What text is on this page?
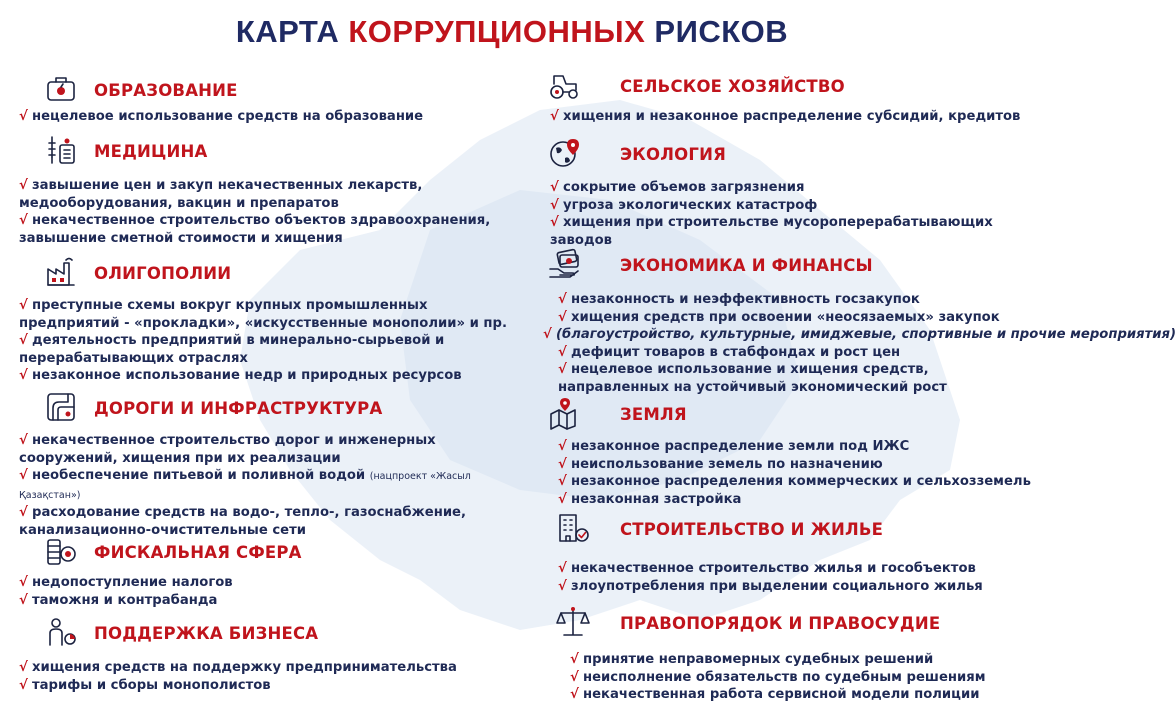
КАРТА КОРРУПЦИОННЫХ РИСКОВ
ОБРАЗОВАНИЕ
√ нецелевое использование средств на образование
МЕДИЦИНА
√ завышение цен и закуп некачественных лекарств,
медооборудования, вакцин и препаратов
√ некачественное строительство объектов здравоохранения,
завышение сметной стоимости и хищения
ОЛИГОПОЛИИ
√ преступные схемы вокруг крупных промышленных
предприятий - «прокладки», «искусственные монополии» и пр.
√ деятельность предприятий в минерально-сырьевой и
перерабатывающих отраслях
√ незаконное использование недр и природных ресурсов
ДОРОГИ И ИНФРАСТРУКТУРА
√ некачественное строительство дорог и инженерных
сооружений, хищения при их реализации
√ необеспечение питьевой и поливной водой (нацпроект «Жасыл
Қазақстан»)
√ расходование средств на водо-, тепло-, газоснабжение,
канализационно-очистительные сети
ФИСКАЛЬНАЯ СФЕРА
√ недопоступление налогов
√ таможня и контрабанда
ПОДДЕРЖКА БИЗНЕСА
√ хищения средств на поддержку предпринимательства
√ тарифы и сборы монополистов
СЕЛЬСКОЕ ХОЗЯЙСТВО
√ хищения и незаконное распределение субсидий, кредитов
ЭКОЛОГИЯ
√ сокрытие объемов загрязнения
√ угроза экологических катастроф
√ хищения при строительстве мусороперерабатывающих
заводов
ЭКОНОМИКА И ФИНАНСЫ
√ незаконность и неэффективность госзакупок
√ хищения средств при освоении «неосязаемых» закупок
√ (благоустройство, культурные, имиджевые, спортивные и прочие мероприятия)
√ дефицит товаров в стабфондах и рост цен
√ нецелевое использование и хищения средств,
направленных на устойчивый экономический рост
ЗЕМЛЯ
√ незаконное распределение земли под ИЖС
√ неиспользование земель по назначению
√ незаконное распределения коммерческих и сельхозземель
√ незаконная застройка
СТРОИТЕЛЬСТВО И ЖИЛЬЕ
√ некачественное строительство жилья и гособъектов
√ злоупотребления при выделении социального жилья
ПРАВОПОРЯДОК И ПРАВОСУДИЕ
√ принятие неправомерных судебных решений
√ неисполнение обязательств по судебным решениям
√ некачественная работа сервисной модели полиции
